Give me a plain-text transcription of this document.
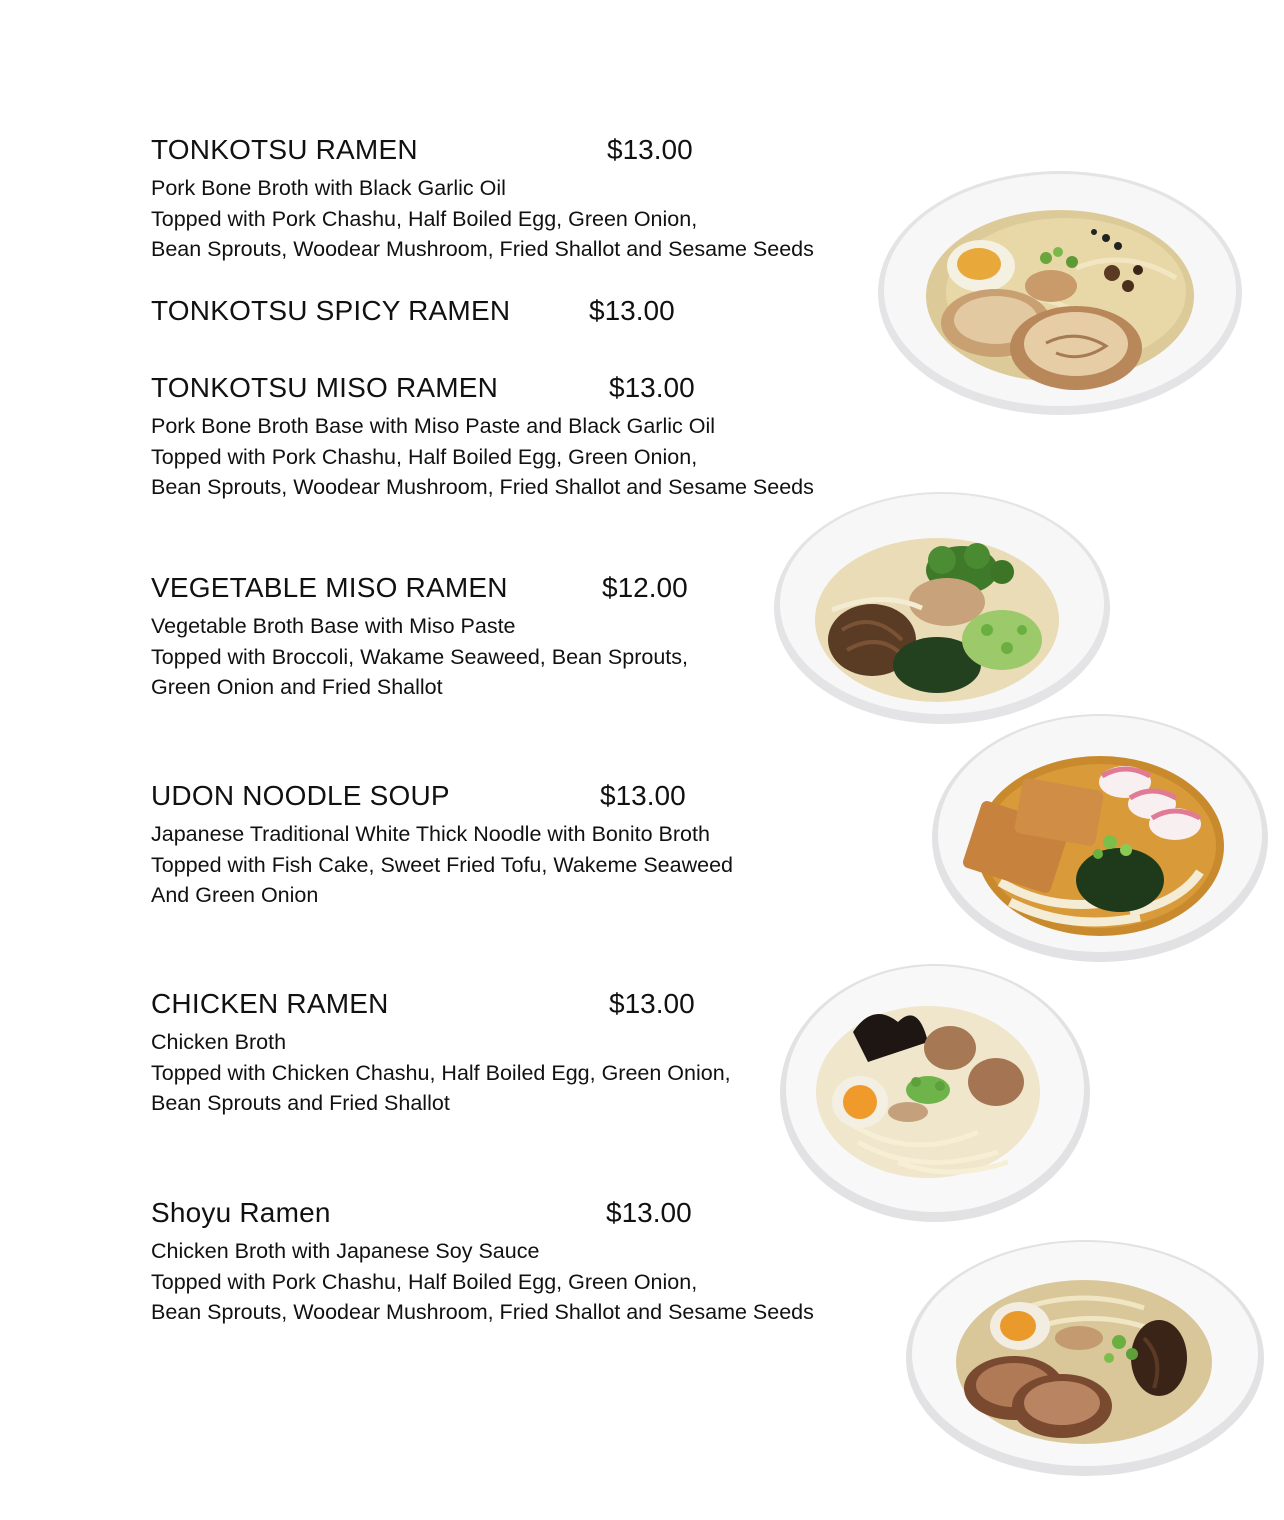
TONKOTSU RAMEN	$13.00
Pork Bone Broth with Black Garlic Oil
Topped with Pork Chashu, Half Boiled Egg, Green Onion,
Bean Sprouts, Woodear Mushroom, Fried Shallot and Sesame Seeds
TONKOTSU SPICY RAMEN	$13.00
TONKOTSU MISO RAMEN	$13.00
Pork Bone Broth Base with Miso Paste and Black Garlic Oil
Topped with Pork Chashu, Half Boiled Egg, Green Onion,
Bean Sprouts, Woodear Mushroom, Fried Shallot and Sesame Seeds
VEGETABLE MISO RAMEN	$12.00
Vegetable Broth Base with Miso Paste
Topped with Broccoli, Wakame Seaweed, Bean Sprouts,
Green Onion and Fried Shallot
UDON NOODLE SOUP	$13.00
Japanese Traditional White Thick Noodle with Bonito Broth
Topped with Fish Cake, Sweet Fried Tofu, Wakeme Seaweed
And Green Onion
CHICKEN RAMEN	$13.00
Chicken Broth
Topped with Chicken Chashu, Half Boiled Egg, Green Onion,
Bean Sprouts and Fried Shallot
Shoyu Ramen	$13.00
Chicken Broth with Japanese Soy Sauce
Topped with Pork Chashu, Half Boiled Egg, Green Onion,
Bean Sprouts, Woodear Mushroom, Fried Shallot and Sesame Seeds
